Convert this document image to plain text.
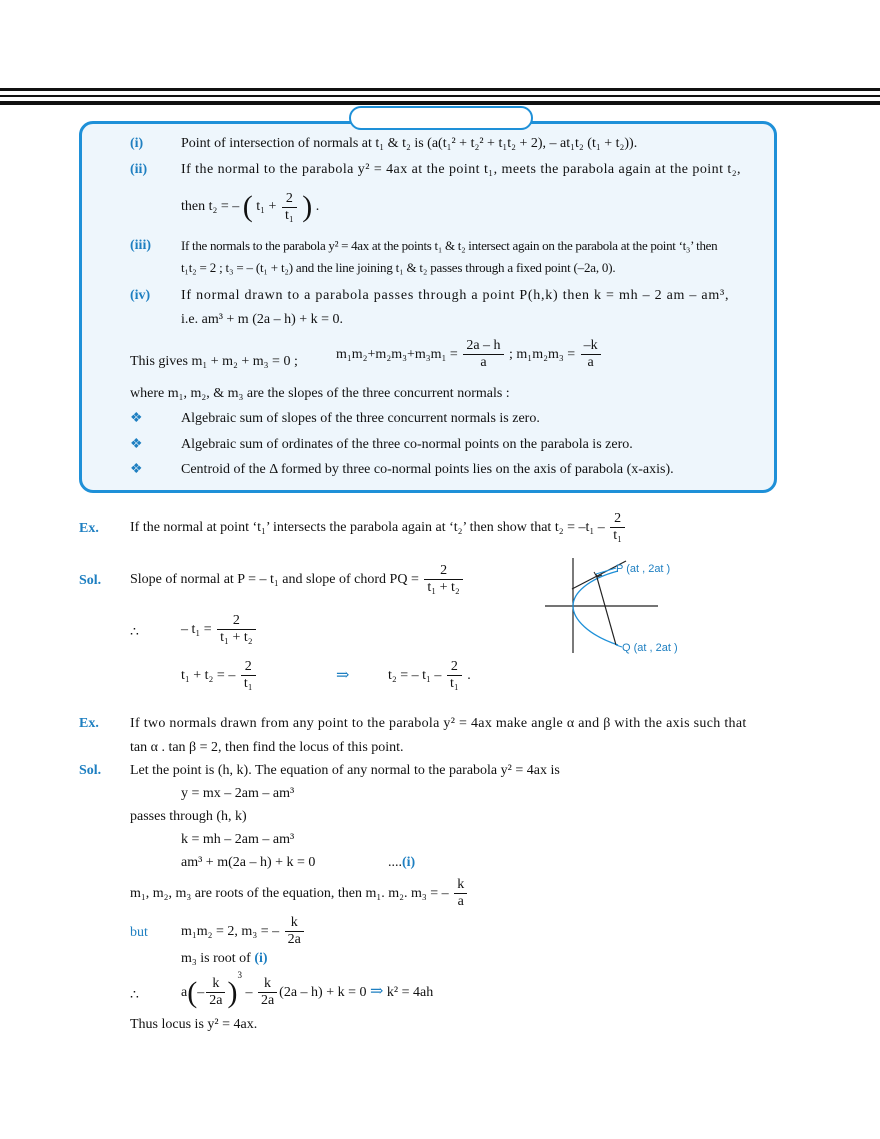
(i)	Point of intersection of normals at t₁ & t₂ is (a(t₁² + t₂² + t₁t₂ + 2), – at₁t₂ (t₁ + t₂)).
(ii) If the normal to the parabola y² = 4ax at the point t₁, meets the parabola again at the point t₂,
then t₂ = – ( $t_1 + \frac{2}{\text{t₁}}$ ) .
(iii) If the normals to the parabola y² = 4ax at the points t₁ & t₂ intersect again on the parabola at the point ‘t₃’ then
t₁t₂ = 2 ; t₃ = – (t₁ + t₂) and the line joining t₁ & t₂ passes through a fixed point (–2a, 0).
(iv) If normal drawn to a parabola passes through a point P(h,k) then k = mh – 2 am – am³,
i.e. am³ + m (2a – h) + k = 0.
This gives m₁ + m₂ + m₃ = 0 ;	$m_1m_2+m_2m_3+m_3m_1 = \frac{2a - h}{a}$ ; $m_1m_2m_3 = \frac{-k}{a}$
where m₁, m₂, & m₃ are the slopes of the three concurrent normals :
❖	Algebraic sum of slopes of the three concurrent normals is zero.
❖	Algebraic sum of ordinates of the three co-normal points on the parabola is zero.
❖	Centroid of the Δ formed by three co-normal points lies on the axis of parabola (x-axis).
Ex. If the normal at point ‘t₁’ intersects the parabola again at ‘t₂’ then show that $t_2 = -t_1 - \frac{2}{\text{t₁}}$
Sol. Slope of normal at P = – t₁ and slope of chord PQ = $\frac{2}{\text{t₁ + t₂}}$
∴	– $t_1 = \frac{2}{\text{t₁ + t₂}}$
t₁ + t₂ = – $\frac{2}{\text{t₁}}$	⇒	t₂ = – $t_1 - \frac{2}{\text{t₁}}$ .
P (at , 2at )
Q (at , 2at )
Ex. If two normals drawn from any point to the parabola y² = 4ax make angle α and β with the axis such that
tan α . tan β = 2, then find the locus of this point.
Sol. Let the point is (h, k). The equation of any normal to the parabola y² = 4ax is
y = mx – 2am – am³
passes through (h, k)
k = mh – 2am – am³
am³ + m(2a – h) + k = 0	....(i)
m₁, m₂, m₃ are roots of the equation, then m₁. m₂. m₃ = – $\frac{k}{a}$
but m₁m₂ = 2, m₃ = – $\frac{k}{2a}$
m₃ is root of (i)
∴	$a(- \frac{k}{2a} )^3 - \frac{k}{2a} (2a - h) + k = 0$ ⇒ k² = 4ah
Thus locus is y² = 4ax.
